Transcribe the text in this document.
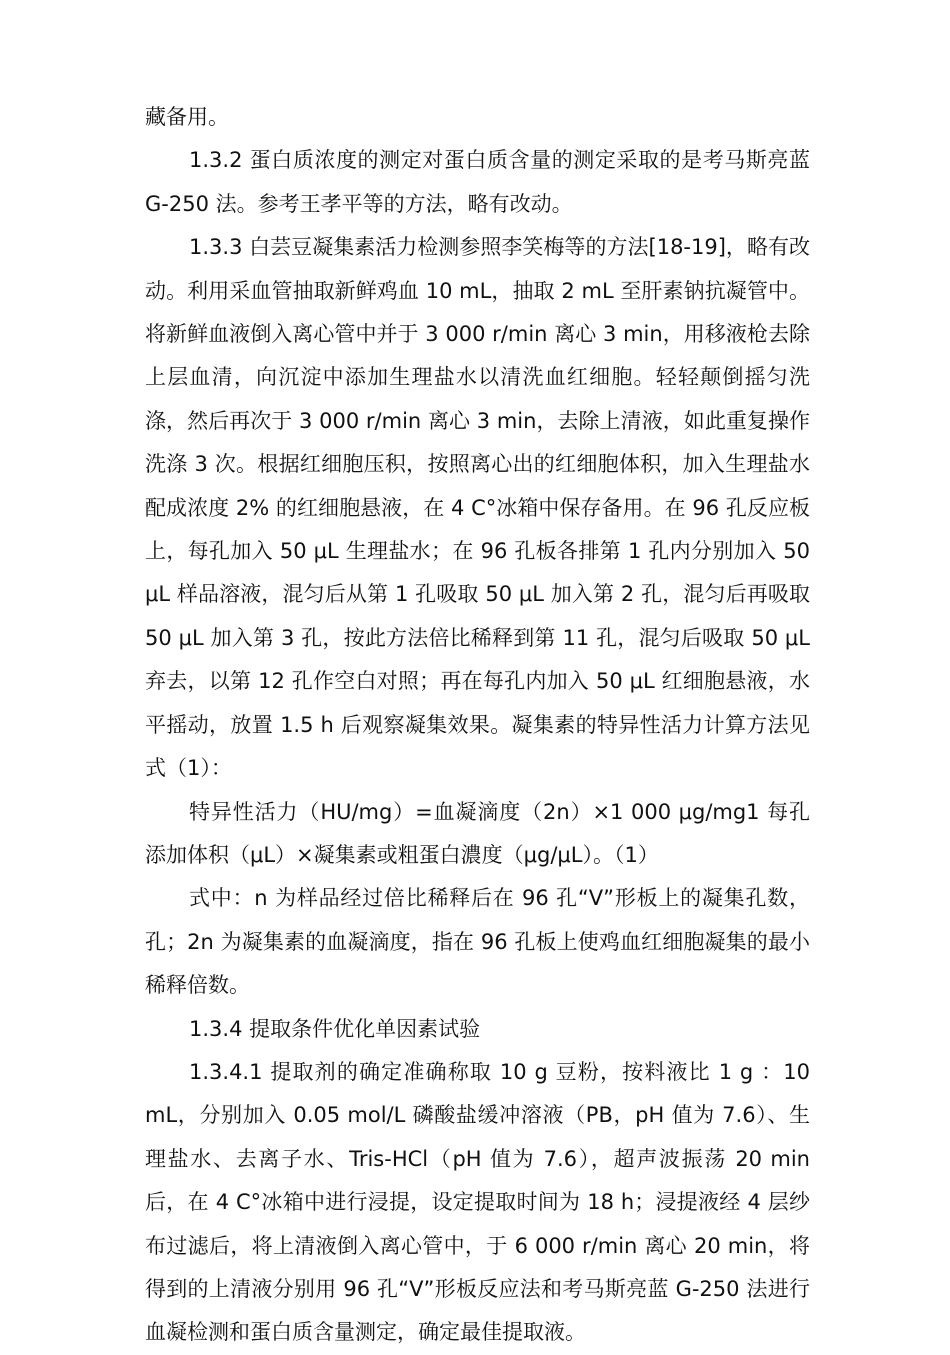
藏备用。

1.3.2 蛋白质浓度的测定对蛋白质含量的测定采取的是考马斯亮蓝 G-250 法。参考王孝平等的方法，略有改动。

1.3.3 白芸豆凝集素活力检测参照李笑梅等的方法[18-19]，略有改动。利用采血管抽取新鲜鸡血 10 mL，抽取 2 mL 至肝素钠抗凝管中。将新鲜血液倒入离心管中并于 3 000 r/min 离心 3 min，用移液枪去除上层血清，向沉淀中添加生理盐水以清洗血红细胞。轻轻颠倒摇匀洗涤，然后再次于 3 000 r/min 离心 3 min，去除上清液，如此重复操作洗涤 3 次。根据红细胞压积，按照离心出的红细胞体积，加入生理盐水配成浓度 2% 的红细胞悬液，在 4 C°冰箱中保存备用。在 96 孔反应板上，每孔加入 50 μL 生理盐水；在 96 孔板各排第 1 孔内分别加入 50 μL 样品溶液，混匀后从第 1 孔吸取 50 μL 加入第 2 孔，混匀后再吸取 50 μL 加入第 3 孔，按此方法倍比稀释到第 11 孔，混匀后吸取 50 μL 弃去，以第 12 孔作空白对照；再在每孔内加入 50 μL 红细胞悬液，水平摇动，放置 1.5 h 后观察凝集效果。凝集素的特异性活力计算方法见式（1）：

特异性活力（HU/mg）=血凝滴度（2n）×1 000 μg/mg1 每孔添加体积（μL）×凝集素或粗蛋白濃度（μg/μL）。（1）

式中：n 为样品经过倍比稀释后在 96 孔“V”形板上的凝集孔数，孔；2n 为凝集素的血凝滴度，指在 96 孔板上使鸡血红细胞凝集的最小稀释倍数。

1.3.4 提取条件优化单因素试验

1.3.4.1 提取剂的确定准确称取 10 g 豆粉，按料液比 1 g ：10 mL，分别加入 0.05 mol/L 磷酸盐缓冲溶液（PB，pH 值为 7.6）、生理盐水、去离子水、Tris-HCl（pH 值为 7.6），超声波振荡 20 min 后，在 4 C°冰箱中进行浸提，设定提取时间为 18 h；浸提液经 4 层纱布过滤后，将上清液倒入离心管中，于 6 000 r/min 离心 20 min，将得到的上清液分别用 96 孔“V”形板反应法和考马斯亮蓝 G-250 法进行血凝检测和蛋白质含量测定，确定最佳提取液。
